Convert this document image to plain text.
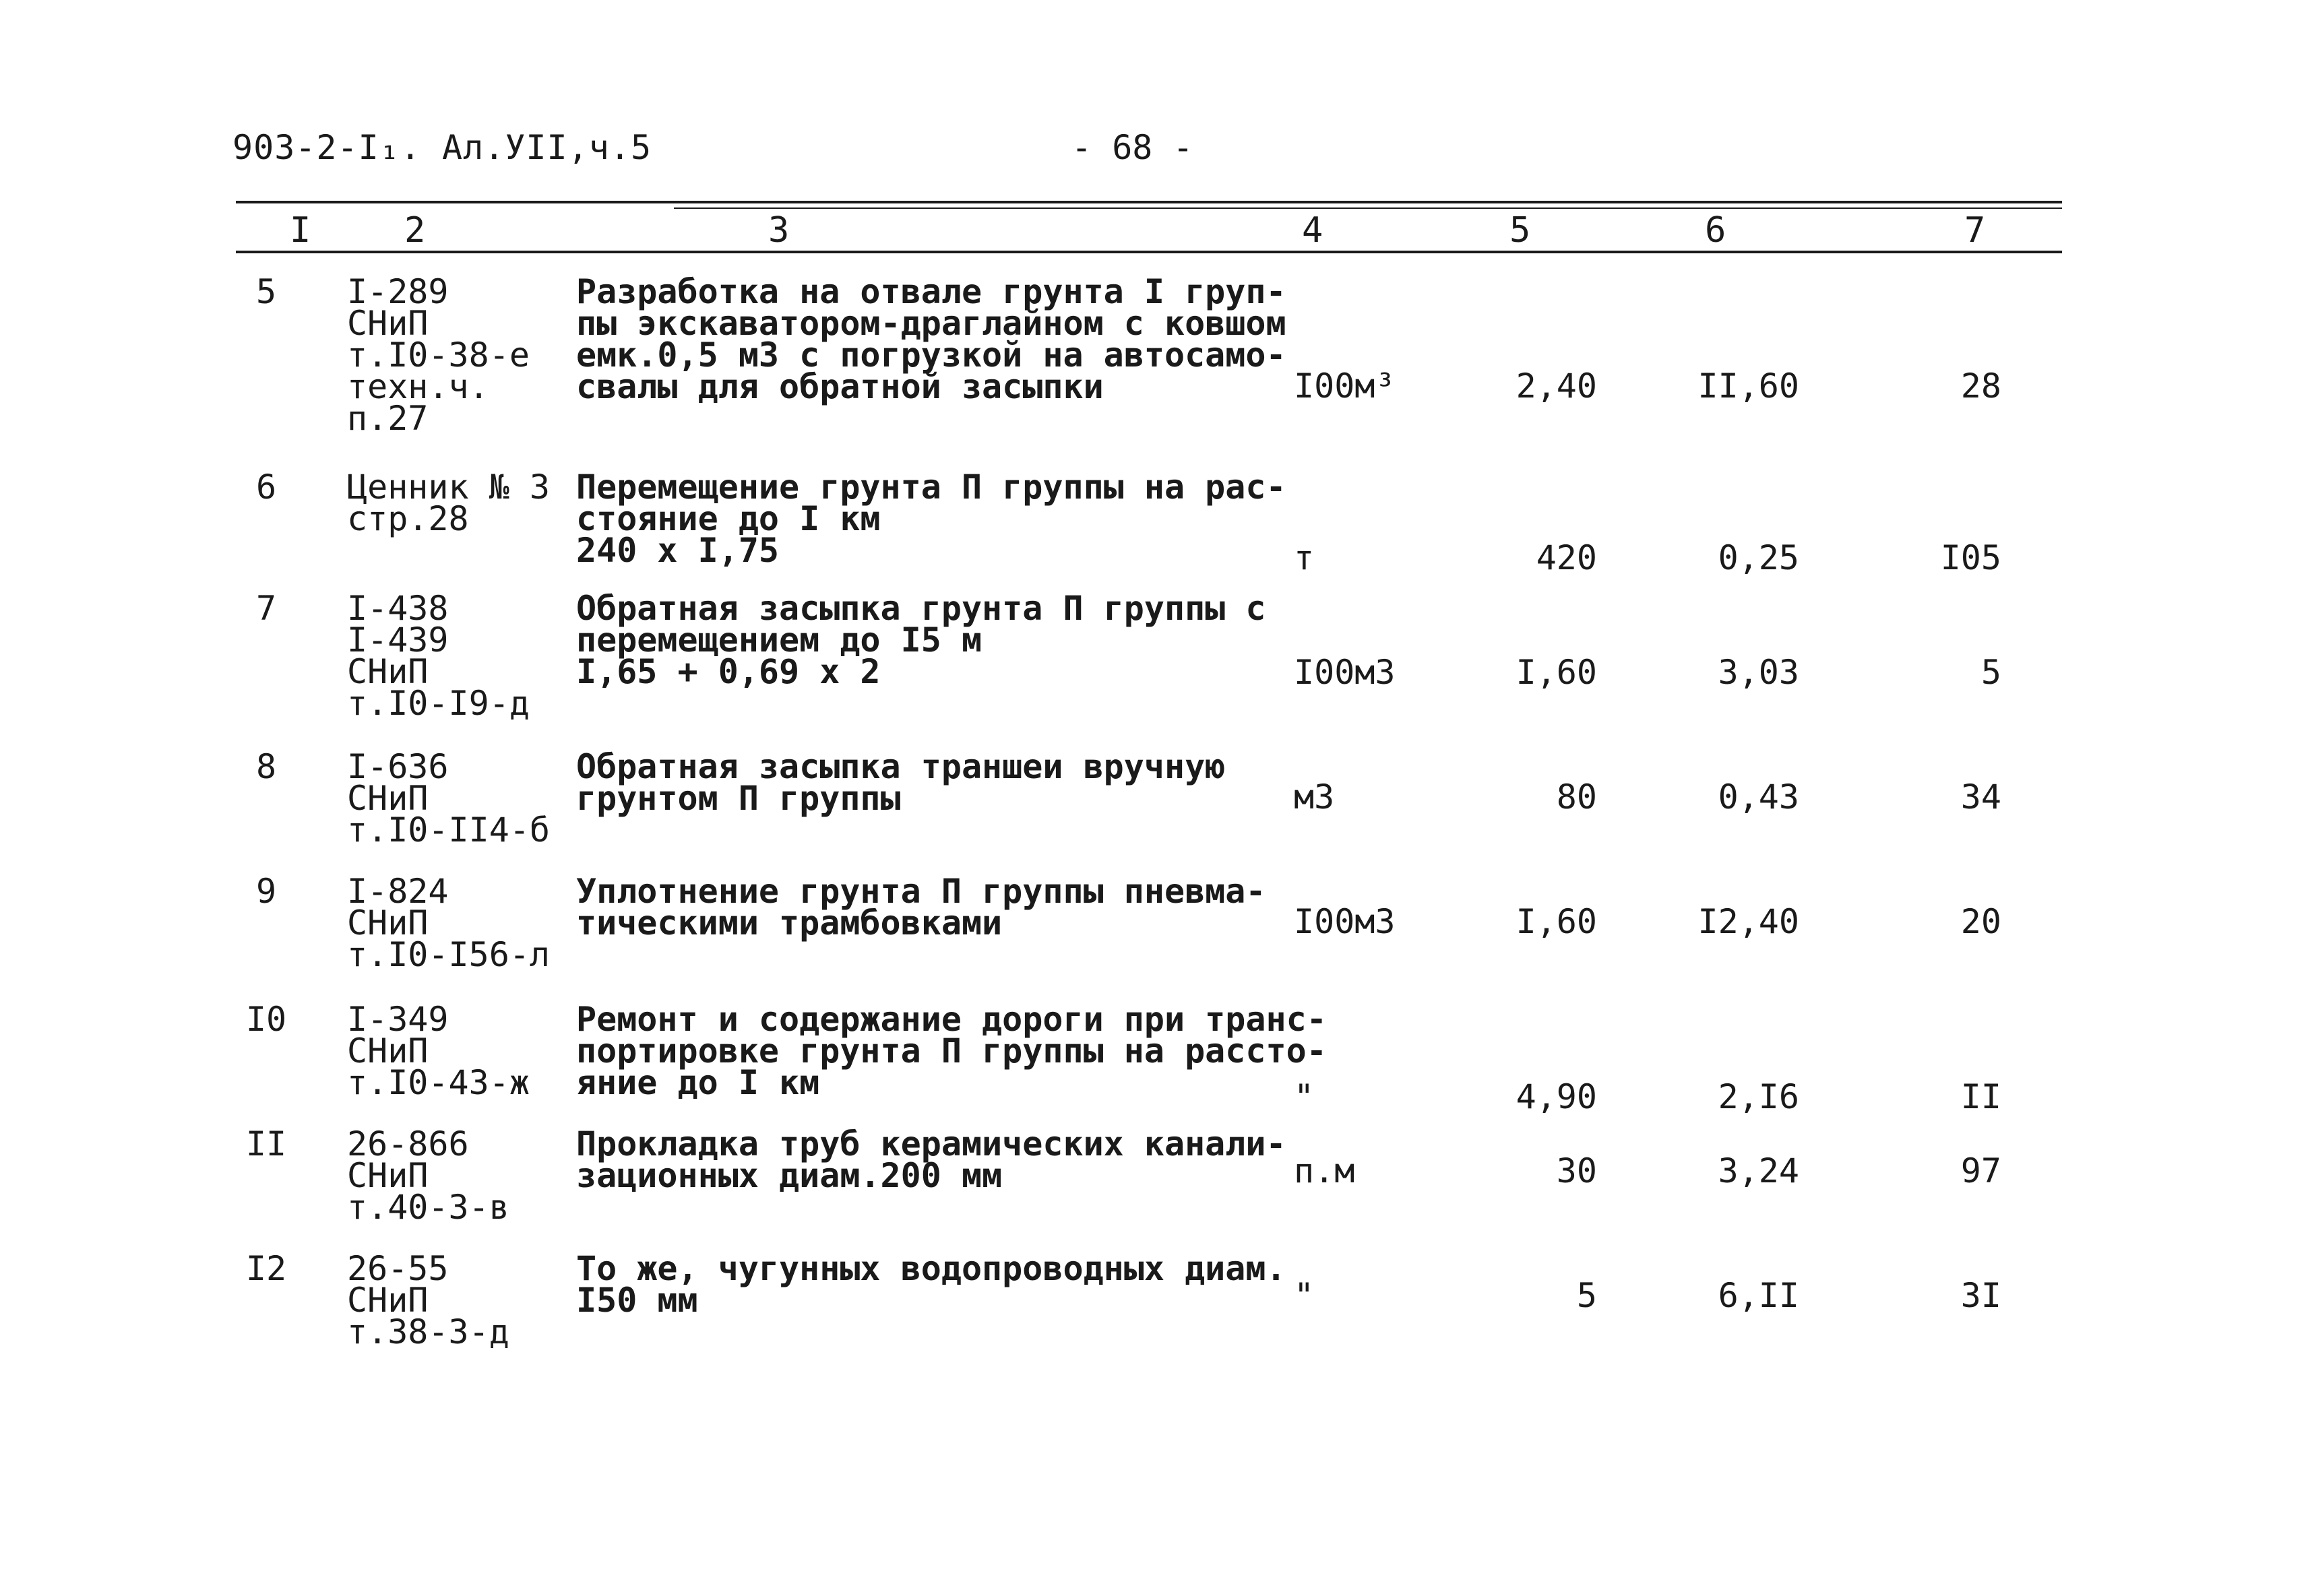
903-2-I₁. Ал.УII,ч.5	- 68 -
I	2	3	4	5	6	7
5	I-289
СНиП
т.I0-38-е
техн.ч.
п.27
Разработка на отвале грунта I груп-
пы экскаватором-драглайном с ковшом
емк.0,5 м3 с погрузкой на автосамо-
свалы для обратной засыпки	I00м³	2,40	II,60	28
6	Ценник № 3
стр.28
Перемещение грунта П группы на рас-
стояние до I км
240 x I,75	т	420	0,25	I05
7	I-438
I-439
СНиП
т.I0-I9-д
Обратная засыпка грунта П группы с
перемещением до I5 м
I,65 + 0,69 x 2	I00м3	I,60	3,03	5
8	I-636
СНиП
т.I0-II4-б
Обратная засыпка траншеи вручную
грунтом П группы	м3	80	0,43	34
9	I-824
СНиП
т.I0-I56-л
Уплотнение грунта П группы пневма-
тическими трамбовками	I00м3	I,60	I2,40	20
I0	I-349
СНиП
т.I0-43-ж
Ремонт и содержание дороги при транс-
портировке грунта П группы на рассто-
яние до I км	"	4,90	2,I6	II
II	26-866
СНиП
т.40-3-в
Прокладка труб керамических канали-
зационных диам.200 мм	п.м	30	3,24	97
I2	26-55
СНиП
т.38-3-д
То же, чугунных водопроводных диам.
I50 мм	"	5	6,II	3I
